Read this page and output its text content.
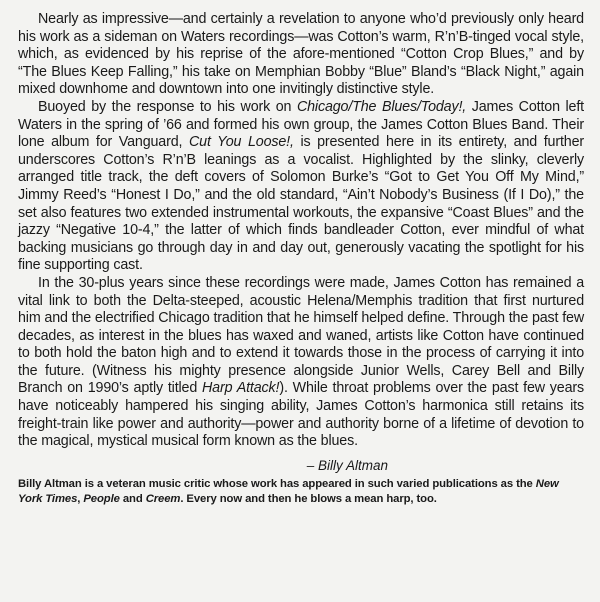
Nearly as impressive—and certainly a revelation to anyone who’d previously only heard his work as a sideman on Waters recordings—was Cotton’s warm, R’n’B-tinged vocal style, which, as evidenced by his reprise of the afore-mentioned “Cotton Crop Blues,” and by “The Blues Keep Falling,” his take on Memphian Bobby “Blue” Bland’s “Black Night,” again mixed downhome and downtown into one invitingly distinctive style.

Buoyed by the response to his work on Chicago/The Blues/Today!, James Cotton left Waters in the spring of ’66 and formed his own group, the James Cotton Blues Band. Their lone album for Vanguard, Cut You Loose!, is presented here in its entirety, and further underscores Cotton’s R’n’B leanings as a vocalist. Highlighted by the slinky, cleverly arranged title track, the deft covers of Solomon Burke’s “Got to Get You Off My Mind,” Jimmy Reed’s “Honest I Do,” and the old standard, “Ain’t Nobody’s Business (If I Do),” the set also features two extended instrumental workouts, the expansive “Coast Blues” and the jazzy “Negative 10-4,” the latter of which finds bandleader Cotton, ever mindful of what backing musicians go through day in and day out, generously vacating the spotlight for his fine supporting cast.

In the 30-plus years since these recordings were made, James Cotton has remained a vital link to both the Delta-steeped, acoustic Helena/Memphis tradition that first nurtured him and the electrified Chicago tradition that he himself helped define. Through the past few decades, as interest in the blues has waxed and waned, artists like Cotton have continued to both hold the baton high and to extend it towards those in the process of carrying it into the future. (Witness his mighty presence alongside Junior Wells, Carey Bell and Billy Branch on 1990’s aptly titled Harp Attack!). While throat problems over the past few years have noticeably hampered his singing ability, James Cotton’s harmonica still retains its freight-train like power and authority—power and authority borne of a lifetime of devotion to the magical, mystical musical form known as the blues.

– Billy Altman

Billy Altman is a veteran music critic whose work has appeared in such varied publications as the New York Times, People and Creem. Every now and then he blows a mean harp, too.
